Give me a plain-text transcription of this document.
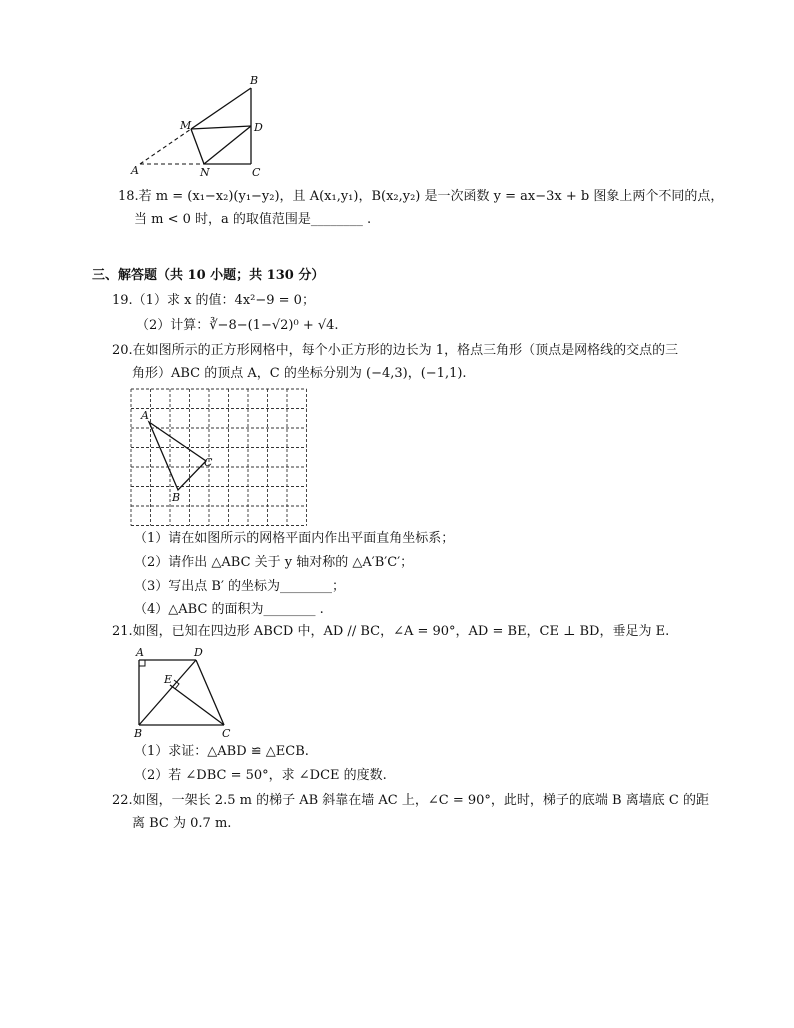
B
M	D
A	N	C
18.若 m = (x₁−x₂)(y₁−y₂)，且 A(x₁,y₁)，B(x₂,y₂) 是一次函数 y = ax−3x + b 图象上两个不同的点，
当 m < 0 时，a 的取值范围是________ .
三、解答题（共 10 小题；共 130 分）
19.（1）求 x 的值：4x²−9 = 0；
（2）计算：∛−8−(1−√2)⁰ + √4.
20.在如图所示的正方形网格中，每个小正方形的边长为 1，格点三角形（顶点是网格线的交点的三
角形）ABC 的顶点 A，C 的坐标分别为 (−4,3)，(−1,1).
A
C
B
（1）请在如图所示的网格平面内作出平面直角坐标系；
（2）请作出 △ABC 关于 y 轴对称的 △A′B′C′；
（3）写出点 B′ 的坐标为________；
（4）△ABC 的面积为________ .
21.如图，已知在四边形 ABCD 中，AD // BC，∠A = 90°，AD = BE，CE ⊥ BD，垂足为 E.
A	D
E
B	C
（1）求证：△ABD ≌ △ECB.
（2）若 ∠DBC = 50°，求 ∠DCE 的度数.
22.如图，一架长 2.5 m 的梯子 AB 斜靠在墙 AC 上，∠C = 90°，此时，梯子的底端 B 离墙底 C 的距
离 BC 为 0.7 m.
